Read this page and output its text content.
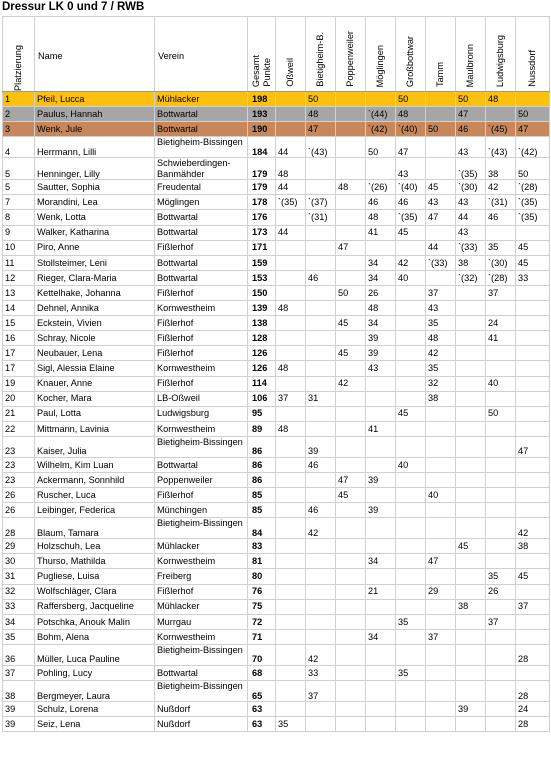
Dressur LK 0 und 7 / RWB
Platzierung	Name	Verein	Gesamt Punkte	Oßweil	Bietigheim-B.	Poppenweiler	Möglingen	Großbottwar	Tamm	Maulbronn	Ludwigsburg	Nussdorf

1	Pfeil, Lucca	Mühlacker	198		50			50		50	48	
2	Paulus, Hannah	Bottwartal	193		48		`(44)	48		47		50
3	Wenk, Jule	Bottwartal	190		47		`(42)	`(40)	50	46	`(45)	47
4	Herrmann, Lilli	Bietigheim-Bissingen	184	44	`(43)		50	47		43	`(43)	`(42)
5	Henninger, Lilly	Schwieberdingen-Banmähder	179	48				43		`(35)	38	50
5	Sautter, Sophia	Freudental	179	44		48	`(26)	`(40)	45	`(30)	42	`(28)
7	Morandini, Lea	Möglingen	178	`(35)	`(37)		46	46	43	43	`(31)	`(35)
8	Wenk, Lotta	Bottwartal	176		`(31)		48	`(35)	47	44	46	`(35)
9	Walker, Katharina	Bottwartal	173	44			41	45		43		
10	Piro, Anne	Fißlerhof	171			47			44	`(33)	35	45
11	Stollsteimer, Leni	Bottwartal	159				34	42	`(33)	38	`(30)	45
12	Rieger, Clara-Maria	Bottwartal	153		46		34	40		`(32)	`(28)	33
13	Kettelhake, Johanna	Fißlerhof	150			50	26		37		37	
14	Dehnel, Annika	Kornwestheim	139	48			48		43			
15	Eckstein, Vivien	Fißlerhof	138			45	34		35		24	
16	Schray, Nicole	Fißlerhof	128				39		48		41	
17	Neubauer, Lena	Fißlerhof	126			45	39		42			
17	Sigl, Alessia Elaine	Kornwestheim	126	48			43		35			
19	Knauer, Anne	Fißlerhof	114			42			32		40	
20	Kocher, Mara	LB-Oßweil	106	37	31				38			
21	Paul, Lotta	Ludwigsburg	95					45			50	
22	Mittmann, Lavinia	Kornwestheim	89	48			41					
23	Kaiser, Julia	Bietigheim-Bissingen	86		39							47
23	Wilhelm, Kim Luan	Bottwartal	86		46			40				
23	Ackermann, Sonnhild	Poppenweiler	86			47	39					
26	Ruscher, Luca	Fißlerhof	85			45			40			
26	Leibinger, Federica	Münchingen	85		46		39					
28	Blaum, Tamara	Bietigheim-Bissingen	84		42							42
29	Holzschuh, Lea	Mühlacker	83							45		38
30	Thurso, Mathilda	Kornwestheim	81				34		47			
31	Pugliese, Luisa	Freiberg	80								35	45
32	Wolfschläger, Clara	Fißlerhof	76				21		29		26	
33	Raffersberg, Jacqueline	Mühlacker	75							38		37
34	Potschka, Anouk Malin	Murrgau	72					35			37	
35	Bohm, Alena	Kornwestheim	71				34		37			
36	Müller, Luca Pauline	Bietigheim-Bissingen	70		42							28
37	Pohling, Lucy	Bottwartal	68		33			35				
38	Bergmeyer, Laura	Bietigheim-Bissingen	65		37							28
39	Schulz, Lorena	Nußdorf	63							39		24
39	Seiz, Lena	Nußdorf	63	35								28
